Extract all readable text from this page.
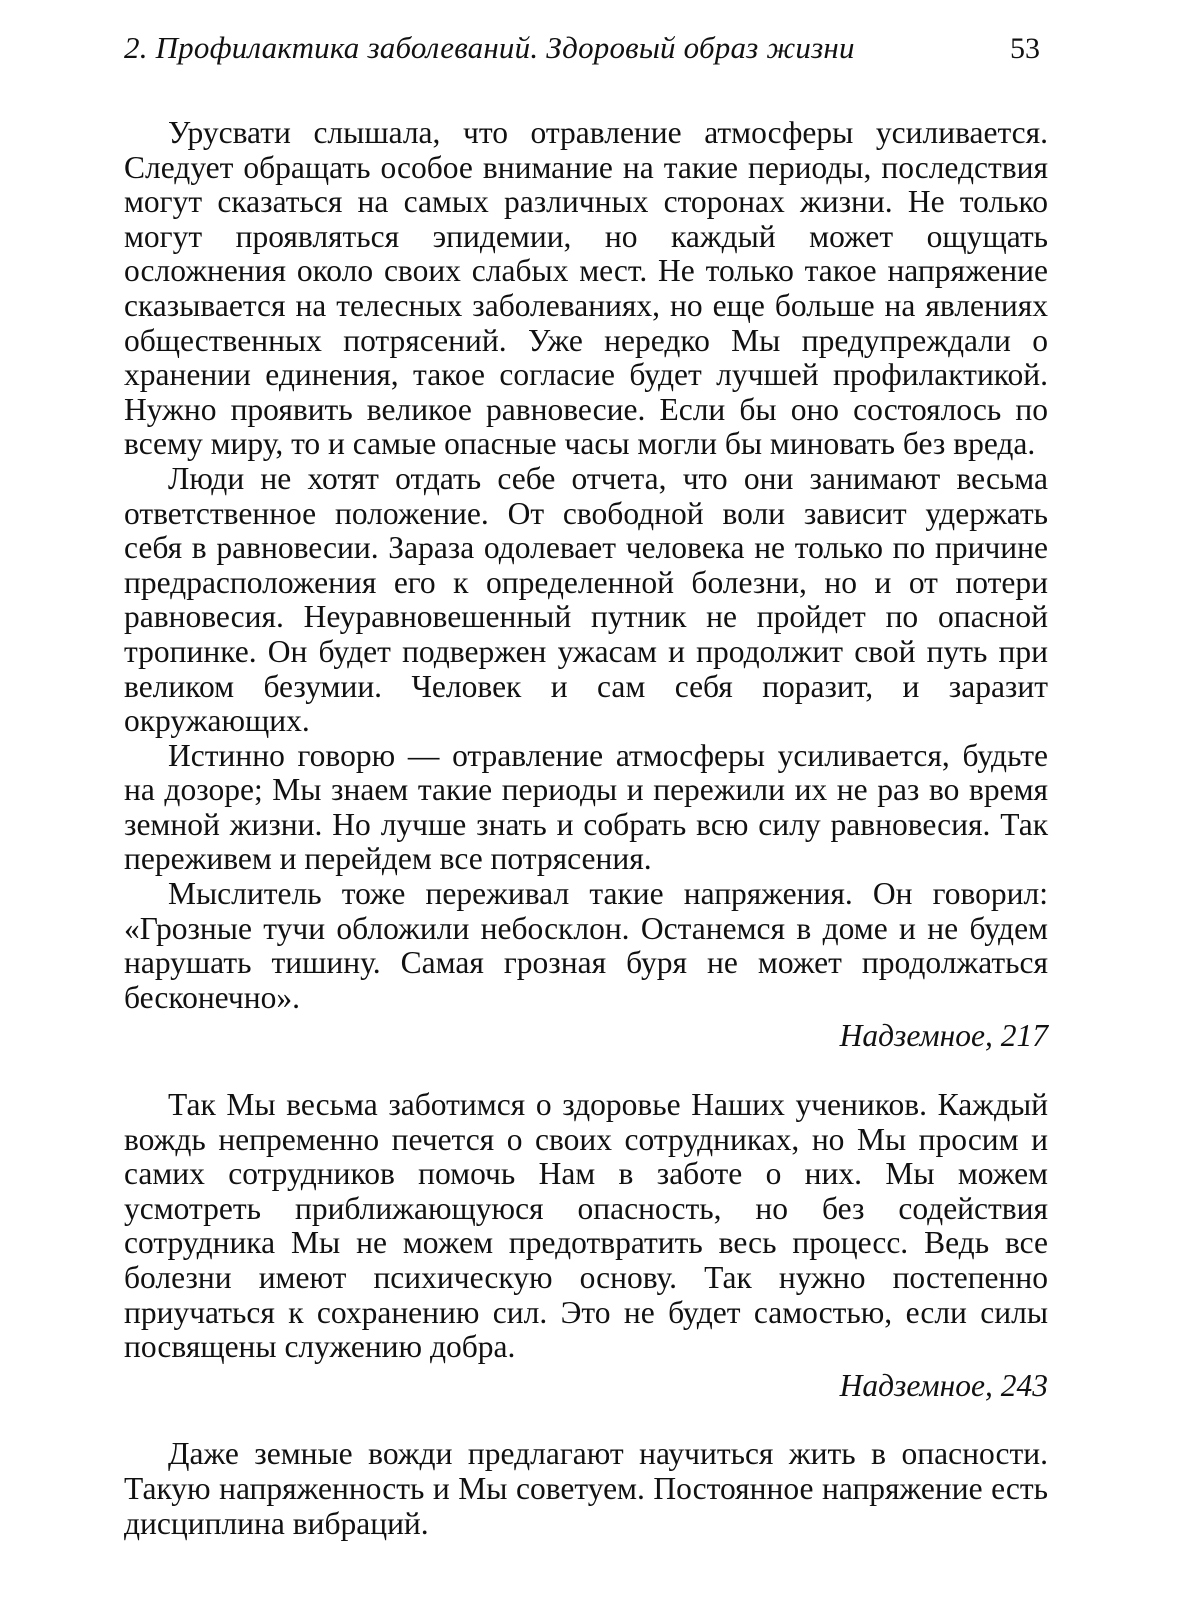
2. Профилактика заболеваний. Здоровый образ жизни	53

Урусвати слышала, что отравление атмосферы усиливается. Следует обращать особое внимание на такие периоды, последствия могут сказаться на самых различных сторонах жизни. Не только могут проявляться эпидемии, но каждый может ощущать осложнения около своих слабых мест. Не только такое напряжение сказывается на телесных заболеваниях, но еще больше на явлениях общественных потрясений. Уже нередко Мы предупреждали о хранении единения, такое согласие будет лучшей профилактикой. Нужно проявить великое равновесие. Если бы оно состоялось по всему миру, то и самые опасные часы могли бы миновать без вреда.

Люди не хотят отдать себе отчета, что они занимают весьма ответственное положение. От свободной воли зависит удержать себя в равновесии. Зараза одолевает человека не только по причине предрасположения его к определенной болезни, но и от потери равновесия. Неуравновешенный путник не пройдет по опасной тропинке. Он будет подвержен ужасам и продолжит свой путь при великом безумии. Человек и сам себя поразит, и заразит окружающих.

Истинно говорю — отравление атмосферы усиливается, будьте на дозоре; Мы знаем такие периоды и пережили их не раз во время земной жизни. Но лучше знать и собрать всю силу равновесия. Так переживем и перейдем все потрясения.

Мыслитель тоже переживал такие напряжения. Он говорил: «Грозные тучи обложили небосклон. Останемся в доме и не будем нарушать тишину. Самая грозная буря не может продолжаться бесконечно».

Надземное, 217

Так Мы весьма заботимся о здоровье Наших учеников. Каждый вождь непременно печется о своих сотрудниках, но Мы просим и самих сотрудников помочь Нам в заботе о них. Мы можем усмотреть приближающуюся опасность, но без содействия сотрудника Мы не можем предотвратить весь процесс. Ведь все болезни имеют психическую основу. Так нужно постепенно приучаться к сохранению сил. Это не будет самостью, если силы посвящены служению добра.

Надземное, 243

Даже земные вожди предлагают научиться жить в опасности. Такую напряженность и Мы советуем. Постоянное напряжение есть дисциплина вибраций.
